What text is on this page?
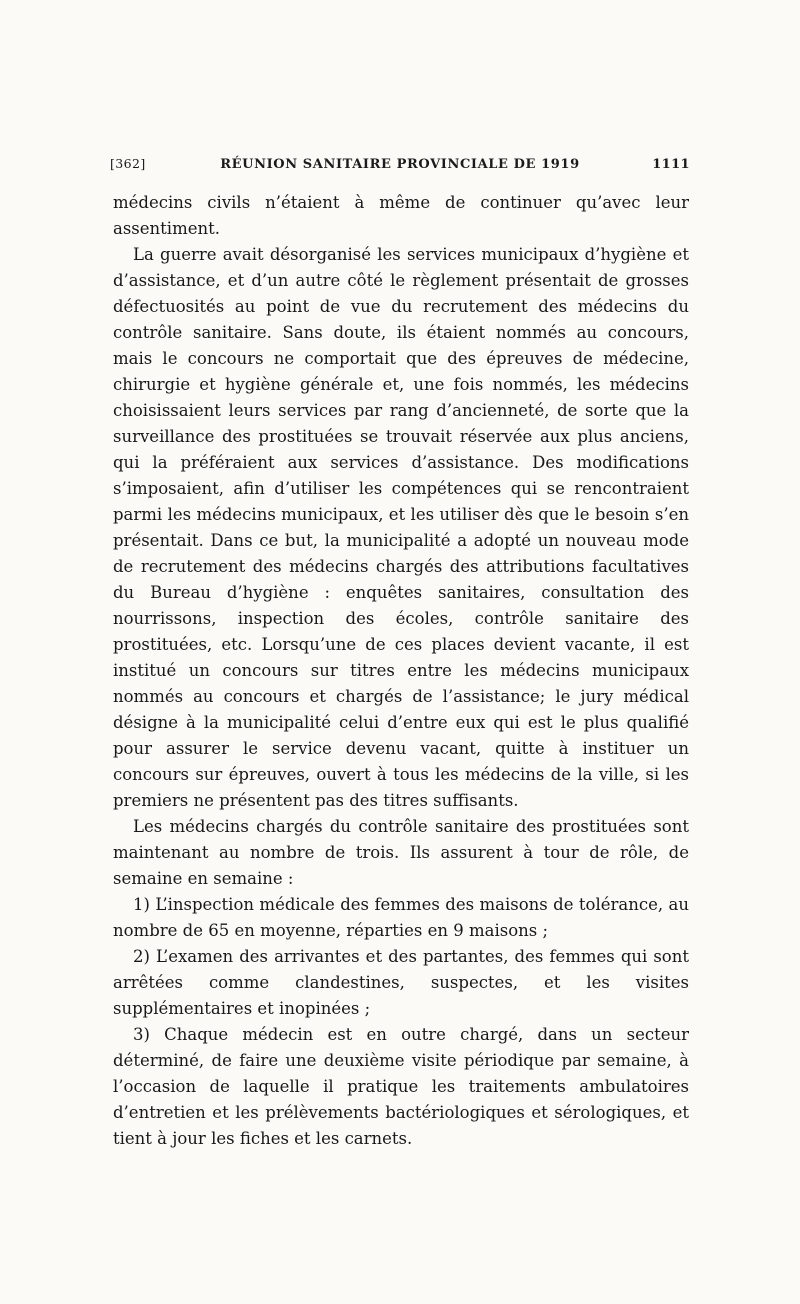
[362]	RÉUNION SANITAIRE PROVINCIALE DE 1919	1111

médecins civils n’étaient à même de continuer qu’avec leur assentiment.

La guerre avait désorganisé les services municipaux d’hygiène et d’assistance, et d’un autre côté le règlement présentait de grosses défectuosités au point de vue du recrutement des médecins du contrôle sanitaire. Sans doute, ils étaient nommés au concours, mais le concours ne comportait que des épreuves de médecine, chirurgie et hygiène générale et, une fois nommés, les médecins choisissaient leurs services par rang d’ancienneté, de sorte que la surveillance des prostituées se trouvait réservée aux plus anciens, qui la préféraient aux services d’assistance. Des modifications s’imposaient, afin d’utiliser les compétences qui se rencontraient parmi les médecins municipaux, et les utiliser dès que le besoin s’en présentait. Dans ce but, la municipalité a adopté un nouveau mode de recrutement des médecins chargés des attributions facultatives du Bureau d’hygiène : enquêtes sanitaires, consultation des nourrissons, inspection des écoles, contrôle sanitaire des prostituées, etc. Lorsqu’une de ces places devient vacante, il est institué un concours sur titres entre les médecins municipaux nommés au concours et chargés de l’assistance; le jury médical désigne à la municipalité celui d’entre eux qui est le plus qualifié pour assurer le service devenu vacant, quitte à instituer un concours sur épreuves, ouvert à tous les médecins de la ville, si les premiers ne présentent pas des titres suffisants.

Les médecins chargés du contrôle sanitaire des prostituées sont maintenant au nombre de trois. Ils assurent à tour de rôle, de semaine en semaine :

1) L’inspection médicale des femmes des maisons de tolérance, au nombre de 65 en moyenne, réparties en 9 maisons ;

2) L’examen des arrivantes et des partantes, des femmes qui sont arrêtées comme clandestines, suspectes, et les visites supplémentaires et inopinées ;

3) Chaque médecin est en outre chargé, dans un secteur déterminé, de faire une deuxième visite périodique par semaine, à l’occasion de laquelle il pratique les traitements ambulatoires d’entretien et les prélèvements bactériologiques et sérologiques, et tient à jour les fiches et les carnets.
